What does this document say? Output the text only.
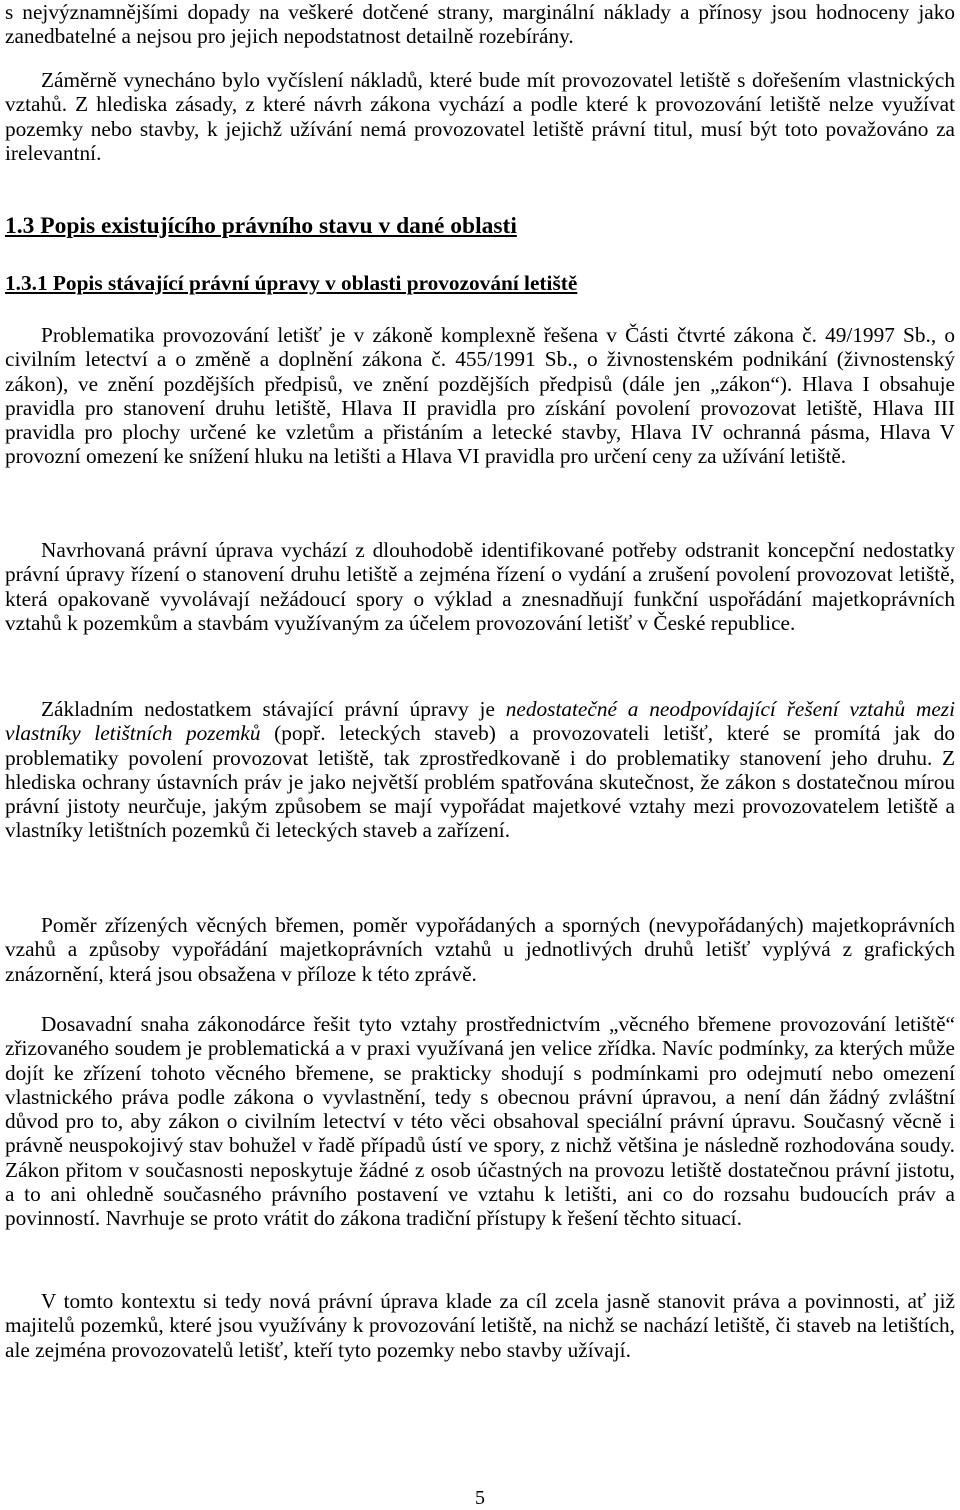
s nejvýznamnějšími dopady na veškeré dotčené strany, marginální náklady a přínosy jsou hodnoceny jako zanedbatelné a nejsou pro jejich nepodstatnost detailně rozebírány.

Záměrně vynecháno bylo vyčíslení nákladů, které bude mít provozovatel letiště s dořešením vlastnických vztahů. Z hlediska zásady, z které návrh zákona vychází a podle které k provozování letiště nelze využívat pozemky nebo stavby, k jejichž užívání nemá provozovatel letiště právní titul, musí být toto považováno za irelevantní.

1.3 Popis existujícího právního stavu v dané oblasti

1.3.1 Popis stávající právní úpravy v oblasti provozování letiště

Problematika provozování letišť je v zákoně komplexně řešena v Části čtvrté zákona č. 49/1997 Sb., o civilním letectví a o změně a doplnění zákona č. 455/1991 Sb., o živnostenském podnikání (živnostenský zákon), ve znění pozdějších předpisů, ve znění pozdějších předpisů (dále jen „zákon“). Hlava I obsahuje pravidla pro stanovení druhu letiště, Hlava II pravidla pro získání povolení provozovat letiště, Hlava III pravidla pro plochy určené ke vzletům a přistáním a letecké stavby, Hlava IV ochranná pásma, Hlava V provozní omezení ke snížení hluku na letišti a Hlava VI pravidla pro určení ceny za užívání letiště.

Navrhovaná právní úprava vychází z dlouhodobě identifikované potřeby odstranit koncepční nedostatky právní úpravy řízení o stanovení druhu letiště a zejména řízení o vydání a zrušení povolení provozovat letiště, která opakovaně vyvolávají nežádoucí spory o výklad a znesnadňují funkční uspořádání majetkoprávních vztahů k pozemkům a stavbám využívaným za účelem provozování letišť v České republice.

Základním nedostatkem stávající právní úpravy je nedostatečné a neodpovídající řešení vztahů mezi vlastníky letištních pozemků (popř. leteckých staveb) a provozovateli letišť, které se promítá jak do problematiky povolení provozovat letiště, tak zprostředkovaně i do problematiky stanovení jeho druhu. Z hlediska ochrany ústavních práv je jako největší problém spatřována skutečnost, že zákon s dostatečnou mírou právní jistoty neurčuje, jakým způsobem se mají vypořádat majetkové vztahy mezi provozovatelem letiště a vlastníky letištních pozemků či leteckých staveb a zařízení.

Poměr zřízených věcných břemen, poměr vypořádaných a sporných (nevypořádaných) majetkoprávních vzahů a způsoby vypořádání majetkoprávních vztahů u jednotlivých druhů letišť vyplývá z grafických znázornění, která jsou obsažena v příloze k této zprávě.

Dosavadní snaha zákonodárce řešit tyto vztahy prostřednictvím „věcného břemene provozování letiště“ zřizovaného soudem je problematická a v praxi využívaná jen velice zřídka. Navíc podmínky, za kterých může dojít ke zřízení tohoto věcného břemene, se prakticky shodují s podmínkami pro odejmutí nebo omezení vlastnického práva podle zákona o vyvlastnění, tedy s obecnou právní úpravou, a není dán žádný zvláštní důvod pro to, aby zákon o civilním letectví v této věci obsahoval speciální právní úpravu. Současný věcně i právně neuspokojivý stav bohužel v řadě případů ústí ve spory, z nichž většina je následně rozhodována soudy. Zákon přitom v současnosti neposkytuje žádné z osob účastných na provozu letiště dostatečnou právní jistotu, a to ani ohledně současného právního postavení ve vztahu k letišti, ani co do rozsahu budoucích práv a povinností. Navrhuje se proto vrátit do zákona tradiční přístupy k řešení těchto situací.

V tomto kontextu si tedy nová právní úprava klade za cíl zcela jasně stanovit práva a povinnosti, ať již majitelů pozemků, které jsou využívány k provozování letiště, na nichž se nachází letiště, či staveb na letištích, ale zejména provozovatelů letišť, kteří tyto pozemky nebo stavby užívají.

5
